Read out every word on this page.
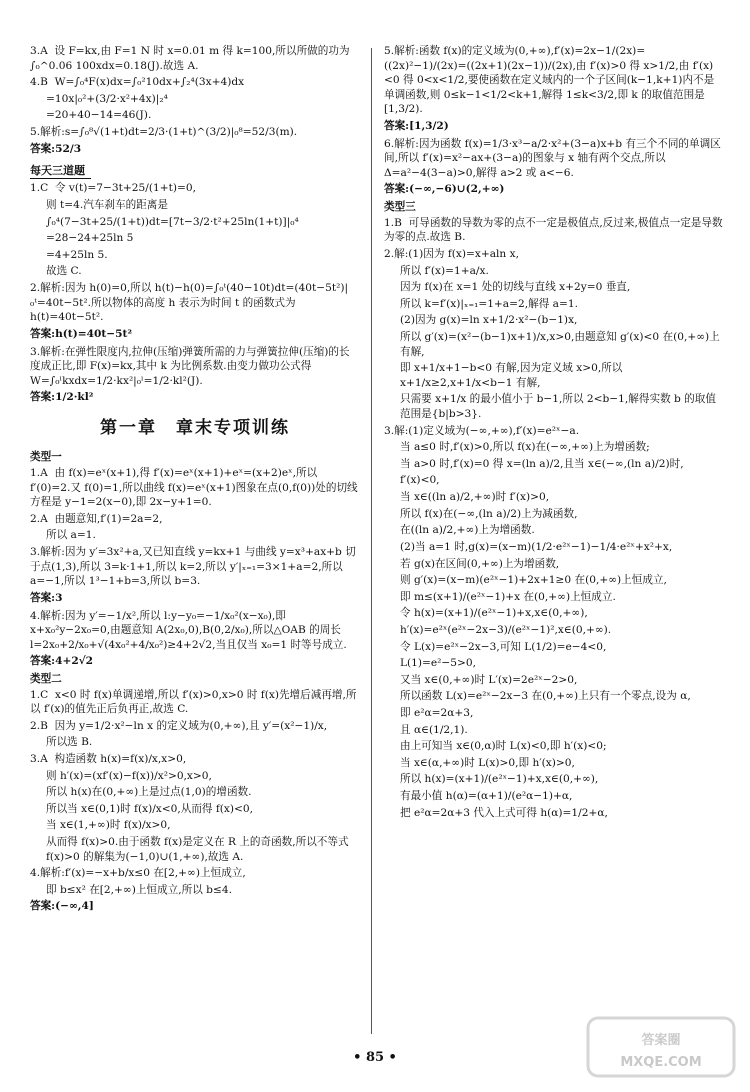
3.A  设 F=kx,由 F=1 N 时 x=0.01 m 得 k=100,所以所做的功为 ∫₀^0.06 100xdx=0.18(J).故选 A.
4.B  W=∫₀⁴F(x)dx=∫₀²10dx+∫₂⁴(3x+4)dx
=10x|₀²+(3/2·x²+4x)|₂⁴
=20+40−14=46(J).
5.解析:s=∫₀⁸√(1+t)dt=2/3·(1+t)^(3/2)|₀⁸=52/3(m).
答案:52/3
每天三道题
1.C  令 v(t)=7−3t+25/(1+t)=0,
则 t=4.汽车刹车的距离是
∫₀⁴(7−3t+25/(1+t))dt=[7t−3/2·t²+25ln(1+t)]|₀⁴
=28−24+25ln 5
=4+25ln 5.
故选 C.
2.解析:因为 h(0)=0,所以 h(t)−h(0)=∫₀ᵗ(40−10t)dt=(40t−5t²)|₀ᵗ=40t−5t².所以物体的高度 h 表示为时间 t 的函数式为 h(t)=40t−5t².
答案:h(t)=40t−5t²
3.解析:在弹性限度内,拉伸(压缩)弹簧所需的力与弹簧拉伸(压缩)的长度成正比,即 F(x)=kx,其中 k 为比例系数.由变力做功公式得 W=∫₀ˡkxdx=1/2·kx²|₀ˡ=1/2·kl²(J).
答案:1/2·kl²
第一章　章末专项训练
类型一
1.A  由 f(x)=eˣ(x+1),得 f′(x)=eˣ(x+1)+eˣ=(x+2)eˣ,所以 f′(0)=2.又 f(0)=1,所以曲线 f(x)=eˣ(x+1)图象在点(0,f(0))处的切线方程是 y−1=2(x−0),即 2x−y+1=0.
2.A  由题意知,f′(1)=2a=2,
所以 a=1.
3.解析:因为 y′=3x²+a,又已知直线 y=kx+1 与曲线 y=x³+ax+b 切于点(1,3),所以 3=k·1+1,所以 k=2,所以 y′|ₓ₌₁=3×1+a=2,所以 a=−1,所以 1³−1+b=3,所以 b=3.
答案:3
4.解析:因为 y′=−1/x²,所以 l:y−y₀=−1/x₀²(x−x₀),即 x+x₀²y−2x₀=0,由题意知 A(2x₀,0),B(0,2/x₀),所以△OAB 的周长 l=2x₀+2/x₀+√(4x₀²+4/x₀²)≥4+2√2,当且仅当 x₀=1 时等号成立.
答案:4+2√2
类型二
1.C  x<0 时 f(x)单调递增,所以 f′(x)>0,x>0 时 f(x)先增后减再增,所以 f′(x)的值先正后负再正,故选 C.
2.B  因为 y=1/2·x²−ln x 的定义域为(0,+∞),且 y′=(x²−1)/x,
所以选 B.
3.A  构造函数 h(x)=f(x)/x,x>0,
则 h′(x)=(xf′(x)−f(x))/x²>0,x>0,
所以 h(x)在(0,+∞)上是过点(1,0)的增函数.
所以当 x∈(0,1)时 f(x)/x<0,从而得 f(x)<0,
当 x∈(1,+∞)时 f(x)/x>0,
从而得 f(x)>0.由于函数 f(x)是定义在 R 上的奇函数,所以不等式 f(x)>0 的解集为(−1,0)∪(1,+∞),故选 A.
4.解析:f′(x)=−x+b/x≤0 在[2,+∞)上恒成立,
即 b≤x² 在[2,+∞)上恒成立,所以 b≤4.
答案:(−∞,4]
5.解析:函数 f(x)的定义域为(0,+∞),f′(x)=2x−1/(2x)=((2x)²−1)/(2x)=((2x+1)(2x−1))/(2x),由 f′(x)>0 得 x>1/2,由 f′(x)<0 得 0<x<1/2,要使函数在定义域内的一个子区间(k−1,k+1)内不是单调函数,则 0≤k−1<1/2<k+1,解得 1≤k<3/2,即 k 的取值范围是[1,3/2).
答案:[1,3/2)
6.解析:因为函数 f(x)=1/3·x³−a/2·x²+(3−a)x+b 有三个不同的单调区间,所以 f′(x)=x²−ax+(3−a)的图象与 x 轴有两个交点,所以 Δ=a²−4(3−a)>0,解得 a>2 或 a<−6.
答案:(−∞,−6)∪(2,+∞)
类型三
1.B  可导函数的导数为零的点不一定是极值点,反过来,极值点一定是导数为零的点.故选 B.
2.解:(1)因为 f(x)=x+aln x,
所以 f′(x)=1+a/x.
因为 f(x)在 x=1 处的切线与直线 x+2y=0 垂直,
所以 k=f′(x)|ₓ₌₁=1+a=2,解得 a=1.
(2)因为 g(x)=ln x+1/2·x²−(b−1)x,
所以 g′(x)=(x²−(b−1)x+1)/x,x>0,由题意知 g′(x)<0 在(0,+∞)上有解,
即 x+1/x+1−b<0 有解,因为定义域 x>0,所以 x+1/x≥2,x+1/x<b−1 有解,
只需要 x+1/x 的最小值小于 b−1,所以 2<b−1,解得实数 b 的取值范围是{b|b>3}.
3.解:(1)定义域为(−∞,+∞),f′(x)=e²ˣ−a.
当 a≤0 时,f′(x)>0,所以 f(x)在(−∞,+∞)上为增函数;
当 a>0 时,f′(x)=0 得 x=(ln a)/2,且当 x∈(−∞,(ln a)/2)时,
f′(x)<0,
当 x∈((ln a)/2,+∞)时 f′(x)>0,
所以 f(x)在(−∞,(ln a)/2)上为减函数,
在((ln a)/2,+∞)上为增函数.
(2)当 a=1 时,g(x)=(x−m)(1/2·e²ˣ−1)−1/4·e²ˣ+x²+x,
若 g(x)在区间(0,+∞)上为增函数,
则 g′(x)=(x−m)(e²ˣ−1)+2x+1≥0 在(0,+∞)上恒成立,
即 m≤(x+1)/(e²ˣ−1)+x 在(0,+∞)上恒成立.
令 h(x)=(x+1)/(e²ˣ−1)+x,x∈(0,+∞),
h′(x)=e²ˣ(e²ˣ−2x−3)/(e²ˣ−1)²,x∈(0,+∞).
令 L(x)=e²ˣ−2x−3,可知 L(1/2)=e−4<0,
L(1)=e²−5>0,
又当 x∈(0,+∞)时 L′(x)=2e²ˣ−2>0,
所以函数 L(x)=e²ˣ−2x−3 在(0,+∞)上只有一个零点,设为 α,
即 e²α=2α+3,
且 α∈(1/2,1).
由上可知当 x∈(0,α)时 L(x)<0,即 h′(x)<0;
当 x∈(α,+∞)时 L(x)>0,即 h′(x)>0,
所以 h(x)=(x+1)/(e²ˣ−1)+x,x∈(0,+∞),
有最小值 h(α)=(α+1)/(e²α−1)+α,
把 e²α=2α+3 代入上式可得 h(α)=1/2+α,
• 85 •
答案圈
MXQE.COM
